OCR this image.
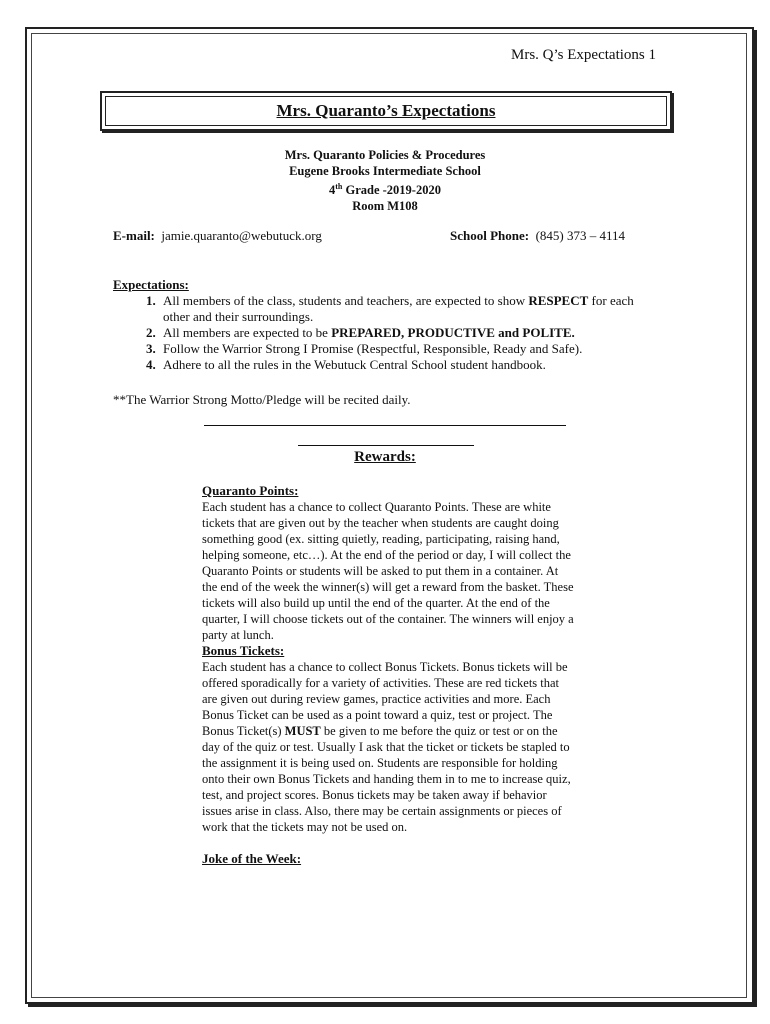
Mrs. Q’s Expectations 1
Mrs. Quaranto’s Expectations
Mrs. Quaranto Policies & Procedures
Eugene Brooks Intermediate School
4th Grade -2019-2020
Room M108
E-mail: jamie.quaranto@webutuck.org	School Phone: (845) 373 – 4114
Expectations:
1. All members of the class, students and teachers, are expected to show RESPECT for each other and their surroundings.
2. All members are expected to be PREPARED, PRODUCTIVE and POLITE.
3. Follow the Warrior Strong I Promise (Respectful, Responsible, Ready and Safe).
4. Adhere to all the rules in the Webutuck Central School student handbook.
**The Warrior Strong Motto/Pledge will be recited daily.
Rewards:
Quaranto Points:

Each student has a chance to collect Quaranto Points. These are white tickets that are given out by the teacher when students are caught doing something good (ex. sitting quietly, reading, participating, raising hand, helping someone, etc…). At the end of the period or day, I will collect the Quaranto Points or students will be asked to put them in a container. At the end of the week the winner(s) will get a reward from the basket. These tickets will also build up until the end of the quarter. At the end of the quarter, I will choose tickets out of the container. The winners will enjoy a party at lunch.

Bonus Tickets:

Each student has a chance to collect Bonus Tickets. Bonus tickets will be offered sporadically for a variety of activities. These are red tickets that are given out during review games, practice activities and more. Each Bonus Ticket can be used as a point toward a quiz, test or project. The Bonus Ticket(s) MUST be given to me before the quiz or test or on the day of the quiz or test. Usually I ask that the ticket or tickets be stapled to the assignment it is being used on. Students are responsible for holding onto their own Bonus Tickets and handing them in to me to increase quiz, test, and project scores. Bonus tickets may be taken away if behavior issues arise in class. Also, there may be certain assignments or pieces of work that the tickets may not be used on.

Joke of the Week:
